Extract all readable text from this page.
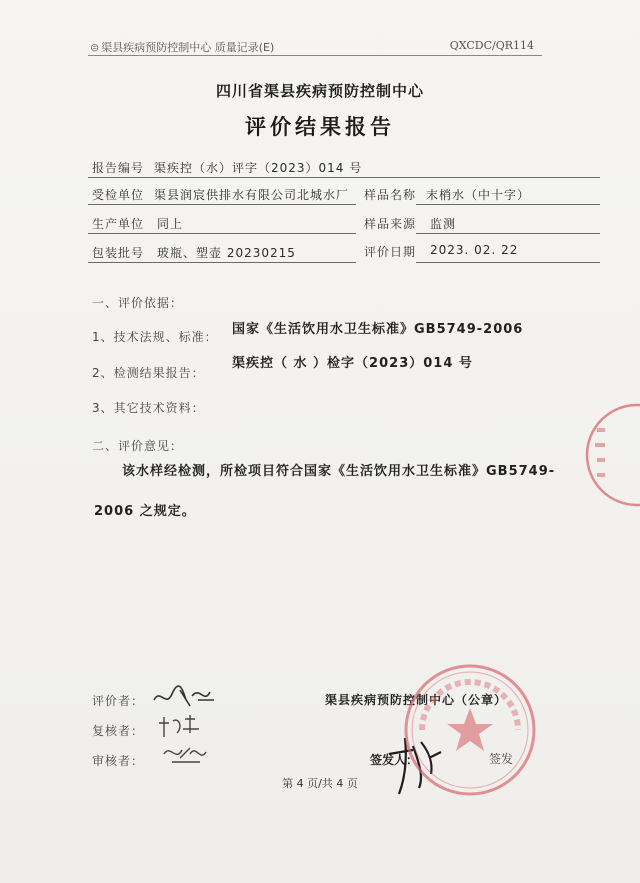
⊜ 渠县疾病预防控制中心 质量记录(E)	QXCDC/QR114
四川省渠县疾病预防控制中心
评价结果报告
报告编号 渠疾控（水）评字（2023）014 号
受检单位 渠县润宸供排水有限公司北城水厂 样品名称 末梢水（中十字）
生产单位 同上	样品来源 监测
包装批号 玻瓶、塑壶 20230215	评价日期 2023. 02. 22
一、评价依据：
1、技术法规、标准： 国家《生活饮用水卫生标准》GB5749-2006
2、检测结果报告：
渠疾控（ 水 ）检字（2023）014 号
3、其它技术资料：
二、评价意见：
该水样经检测，所检项目符合国家《生活饮用水卫生标准》GB5749-2006 之规定。
评价者：
复核者：
审核者：
渠县疾病预防控制中心（公章）
签发人：	签发
第 4 页/共 4 页
